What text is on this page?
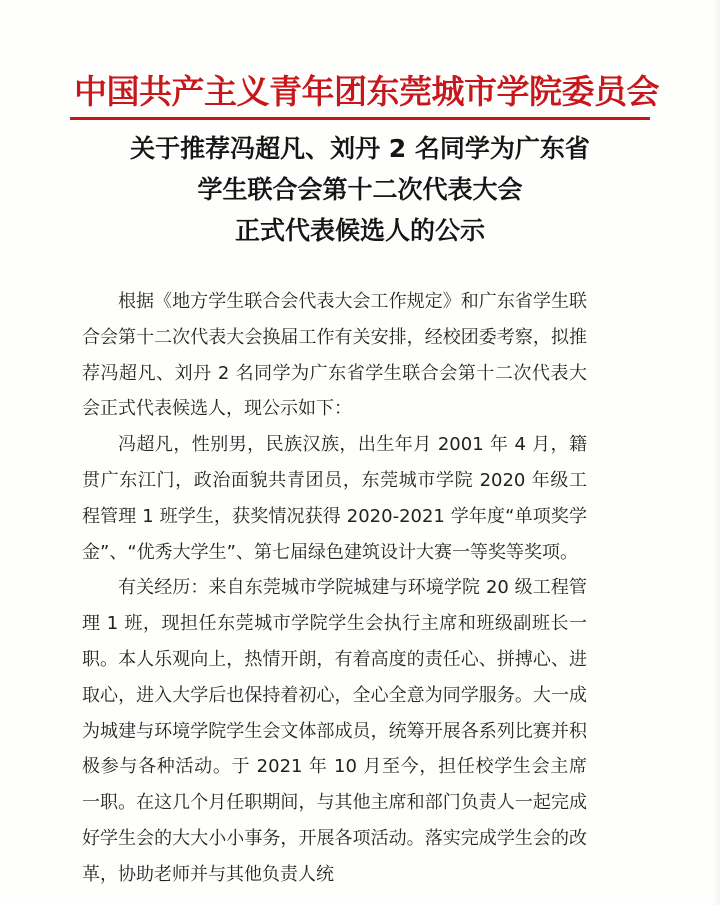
中国共产主义青年团东莞城市学院委员会
关于推荐冯超凡、刘丹 2 名同学为广东省
学生联合会第十二次代表大会
正式代表候选人的公示

根据《地方学生联合会代表大会工作规定》和广东省学生联合会第十二次代表大会换届工作有关安排，经校团委考察，拟推荐冯超凡、刘丹 2 名同学为广东省学生联合会第十二次代表大会正式代表候选人，现公示如下：

冯超凡，性别男，民族汉族，出生年月 2001 年 4 月，籍贯广东江门，政治面貌共青团员，东莞城市学院 2020 年级工程管理 1 班学生，获奖情况获得 2020-2021 学年度“单项奖学金”、“优秀大学生”、第七届绿色建筑设计大赛一等奖等奖项。

有关经历：来自东莞城市学院城建与环境学院 20 级工程管理 1 班，现担任东莞城市学院学生会执行主席和班级副班长一职。本人乐观向上，热情开朗，有着高度的责任心、拼搏心、进取心，进入大学后也保持着初心，全心全意为同学服务。大一成为城建与环境学院学生会文体部成员，统筹开展各系列比赛并积极参与各种活动。于 2021 年 10 月至今，担任校学生会主席一职。在这几个月任职期间，与其他主席和部门负责人一起完成好学生会的大大小小事务，开展各项活动。落实完成学生会的改革，协助老师并与其他负责人统
